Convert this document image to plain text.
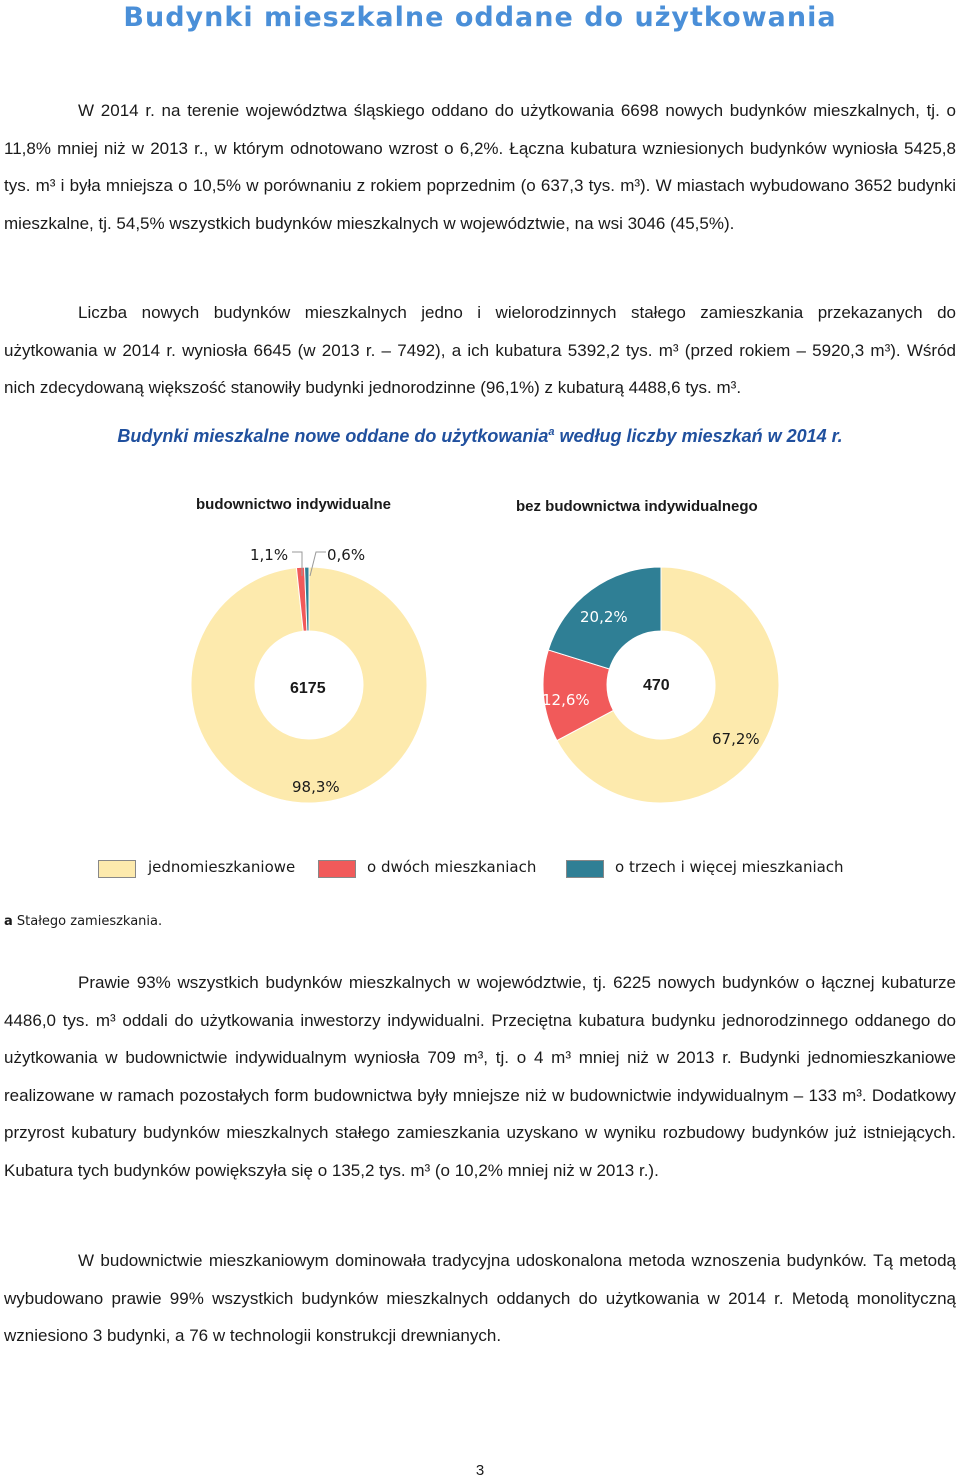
Budynki mieszkalne oddane do użytkowania
W 2014 r. na terenie województwa śląskiego oddano do użytkowania 6698 nowych budynków mieszkalnych, tj. o 11,8% mniej niż w 2013 r., w którym odnotowano wzrost o 6,2%. Łączna kubatura wzniesionych budynków wyniosła 5425,8 tys. m³ i była mniejsza o 10,5% w porównaniu z rokiem poprzednim (o 637,3 tys. m³). W miastach wybudowano 3652 budynki mieszkalne, tj. 54,5% wszystkich budynków mieszkalnych w województwie, na wsi 3046 (45,5%).
Liczba nowych budynków mieszkalnych jedno i wielorodzinnych stałego zamieszkania przekazanych do użytkowania w 2014 r. wyniosła 6645 (w 2013 r. – 7492), a ich kubatura 5392,2 tys. m³ (przed rokiem – 5920,3 m³). Wśród nich zdecydowaną większość stanowiły budynki jednorodzinne (96,1%) z kubaturą 4488,6 tys. m³.
Budynki mieszkalne nowe oddane do użytkowania$^a$ według liczby mieszkań w 2014 r.
budownictwo indywidualne	bez budownictwa indywidualnego
1,1%	0,6%
98,3%
6175
20,2%
12,6%
67,2%
470
jednomieszkaniowe	o dwóch mieszkaniach	o trzech i więcej mieszkaniach
a Stałego zamieszkania.
Prawie 93% wszystkich budynków mieszkalnych w województwie, tj. 6225 nowych budynków o łącznej kubaturze 4486,0 tys. m³ oddali do użytkowania inwestorzy indywidualni. Przeciętna kubatura budynku jednorodzinnego oddanego do użytkowania w budownictwie indywidualnym wyniosła 709 m³, tj. o 4 m³ mniej niż w 2013 r. Budynki jednomieszkaniowe realizowane w ramach pozostałych form budownictwa były mniejsze niż w budownictwie indywidualnym – 133 m³. Dodatkowy przyrost kubatury budynków mieszkalnych stałego zamieszkania uzyskano w wyniku rozbudowy budynków już istniejących. Kubatura tych budynków powiększyła się o 135,2 tys. m³ (o 10,2% mniej niż w 2013 r.).
W budownictwie mieszkaniowym dominowała tradycyjna udoskonalona metoda wznoszenia budynków. Tą metodą wybudowano prawie 99% wszystkich budynków mieszkalnych oddanych do użytkowania w 2014 r. Metodą monolityczną wzniesiono 3 budynki, a 76 w technologii konstrukcji drewnianych.
3
